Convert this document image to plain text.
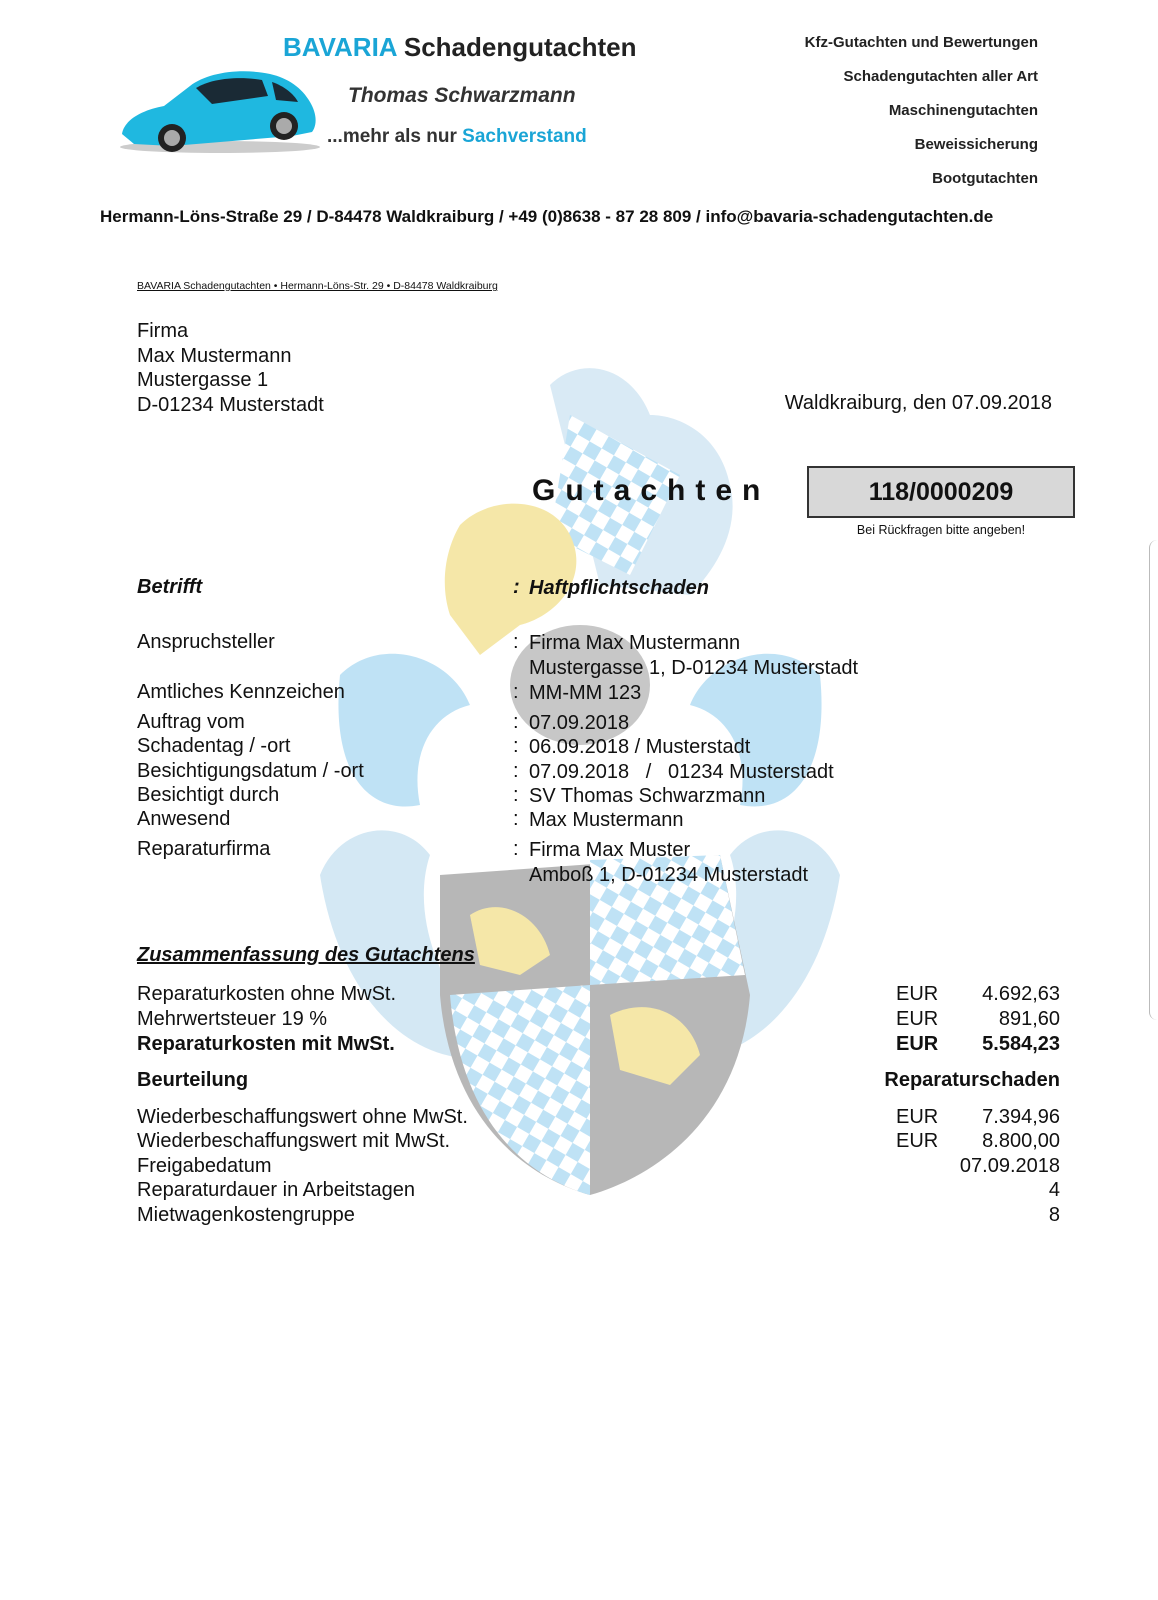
BAVARIA Schadengutachten
Thomas Schwarzmann
...mehr als nur Sachverstand
Kfz-Gutachten und Bewertungen
Schadengutachten aller Art
Maschinengutachten
Beweissicherung
Bootgutachten
Hermann-Löns-Straße 29 / D-84478 Waldkraiburg / +49 (0)8638 - 87 28 809 / info@bavaria-schadengutachten.de
BAVARIA Schadengutachten • Hermann-Löns-Str. 29 • D-84478 Waldkraiburg
Firma
Max Mustermann
Mustergasse 1
D-01234 Musterstadt	Waldkraiburg, den 07.09.2018
Gutachten	118/0000209
Bei Rückfragen bitte angeben!
Betrifft	: Haftpflichtschaden
Anspruchsteller	: Firma Max Mustermann
Mustergasse 1, D-01234 Musterstadt
Amtliches Kennzeichen	: MM-MM 123
Auftrag vom	: 07.09.2018
Schadentag / -ort	: 06.09.2018 / Musterstadt
Besichtigungsdatum / -ort	: 07.09.2018   /   01234 Musterstadt
Besichtigt durch	: SV Thomas Schwarzmann
Anwesend	: Max Mustermann
Reparaturfirma	: Firma Max Muster
Amboß 1, D-01234 Musterstadt
Zusammenfassung des Gutachtens
Reparaturkosten ohne MwSt.	EUR 4.692,63
Mehrwertsteuer 19 %	EUR	891,60
Reparaturkosten mit MwSt.	EUR 5.584,23
Beurteilung	Reparaturschaden
Wiederbeschaffungswert ohne MwSt.	EUR 7.394,96
Wiederbeschaffungswert mit MwSt.	EUR 8.800,00
Freigabedatum	07.09.2018
Reparaturdauer in Arbeitstagen	4
Mietwagenkostengruppe	8
